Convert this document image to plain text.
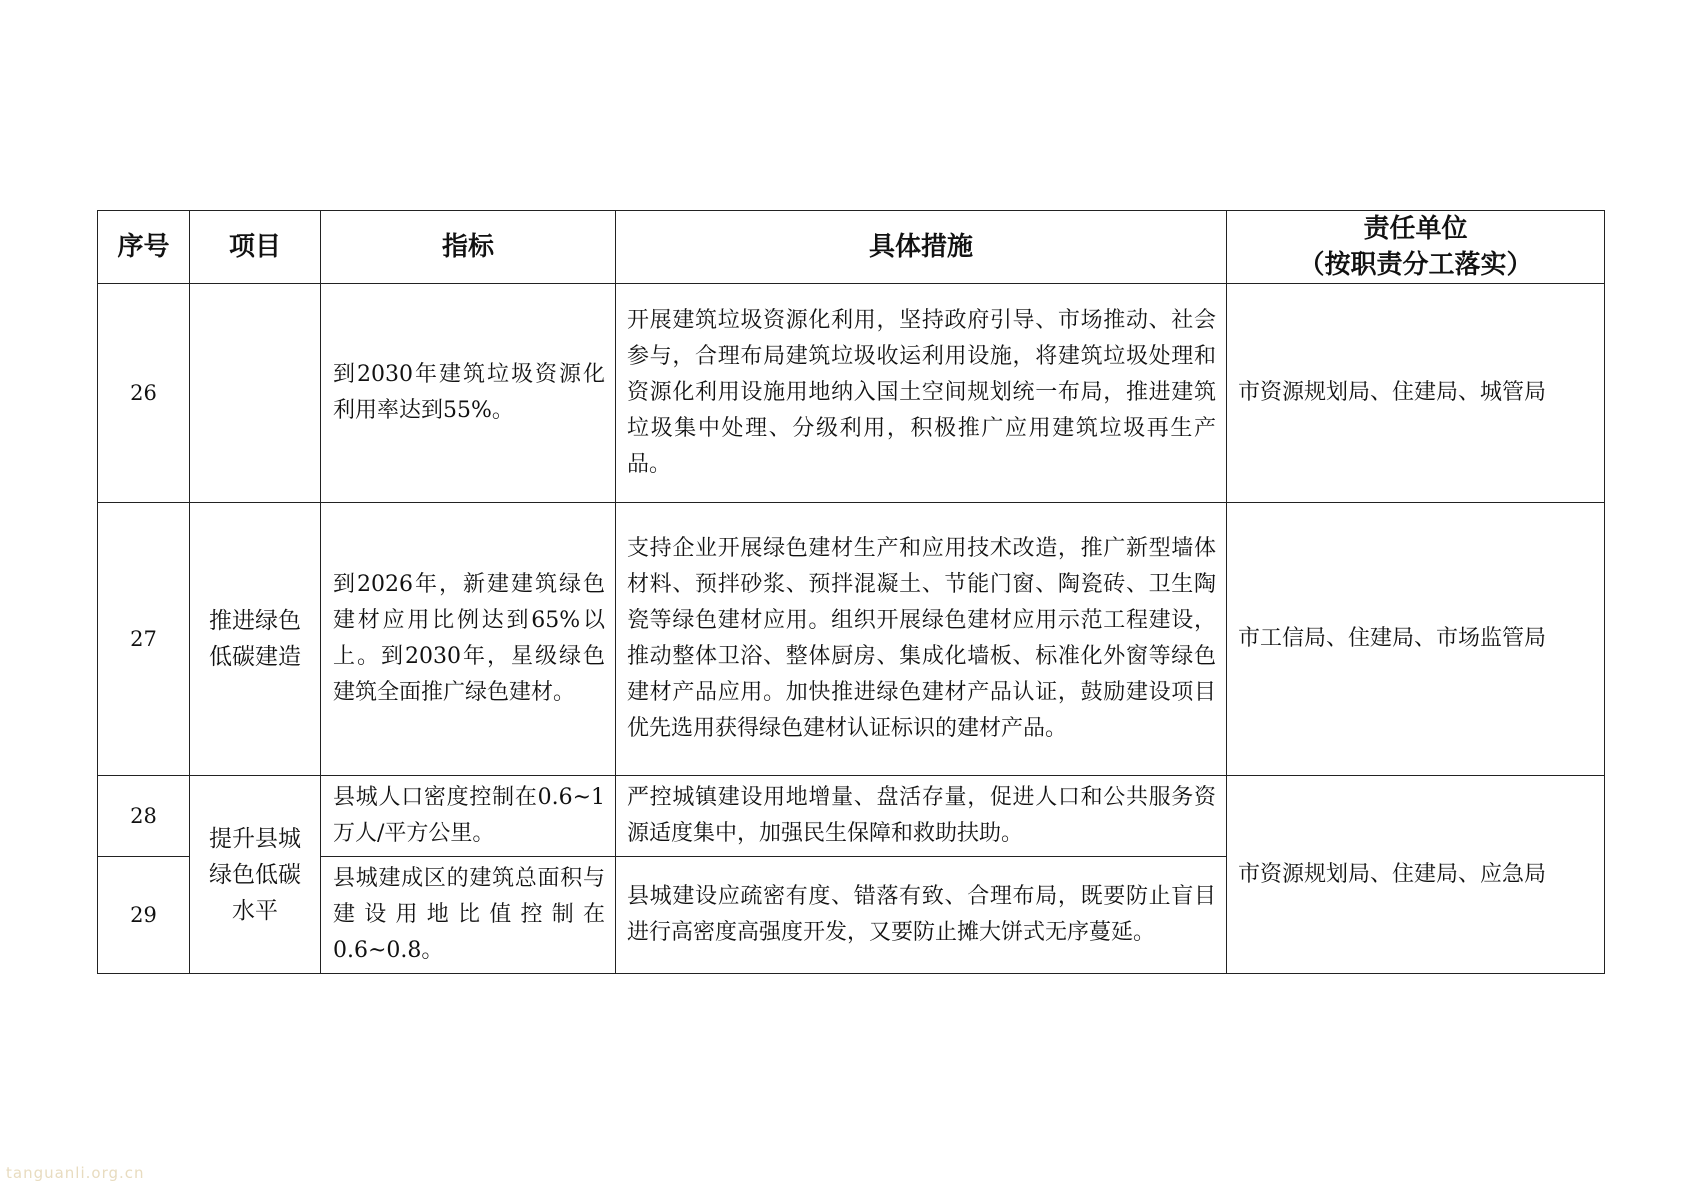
序号	项目	指标	具体措施	责任单位
（按职责分工落实）

26		到2030年建筑垃圾资源化利用率达到55%。	开展建筑垃圾资源化利用，坚持政府引导、市场推动、社会参与，合理布局建筑垃圾收运利用设施，将建筑垃圾处理和资源化利用设施用地纳入国土空间规划统一布局，推进建筑垃圾集中处理、分级利用，积极推广应用建筑垃圾再生产品。	市资源规划局、住建局、城管局
27	推进绿色低碳建造	到2026年，新建建筑绿色建材应用比例达到65%以上。到2030年，星级绿色建筑全面推广绿色建材。	支持企业开展绿色建材生产和应用技术改造，推广新型墙体材料、预拌砂浆、预拌混凝土、节能门窗、陶瓷砖、卫生陶瓷等绿色建材应用。组织开展绿色建材应用示范工程建设，推动整体卫浴、整体厨房、集成化墙板、标准化外窗等绿色建材产品应用。加快推进绿色建材产品认证，鼓励建设项目优先选用获得绿色建材认证标识的建材产品。	市工信局、住建局、市场监管局
28	提升县城绿色低碳水平	县城人口密度控制在0.6~1万人/平方公里。	严控城镇建设用地增量、盘活存量，促进人口和公共服务资源适度集中，加强民生保障和救助扶助。	市资源规划局、住建局、应急局
29		县城建成区的建筑总面积与建设用地比值控制在0.6~0.8。	县城建设应疏密有度、错落有致、合理布局，既要防止盲目进行高密度高强度开发，又要防止摊大饼式无序蔓延。	
tanguanli.org.cn
